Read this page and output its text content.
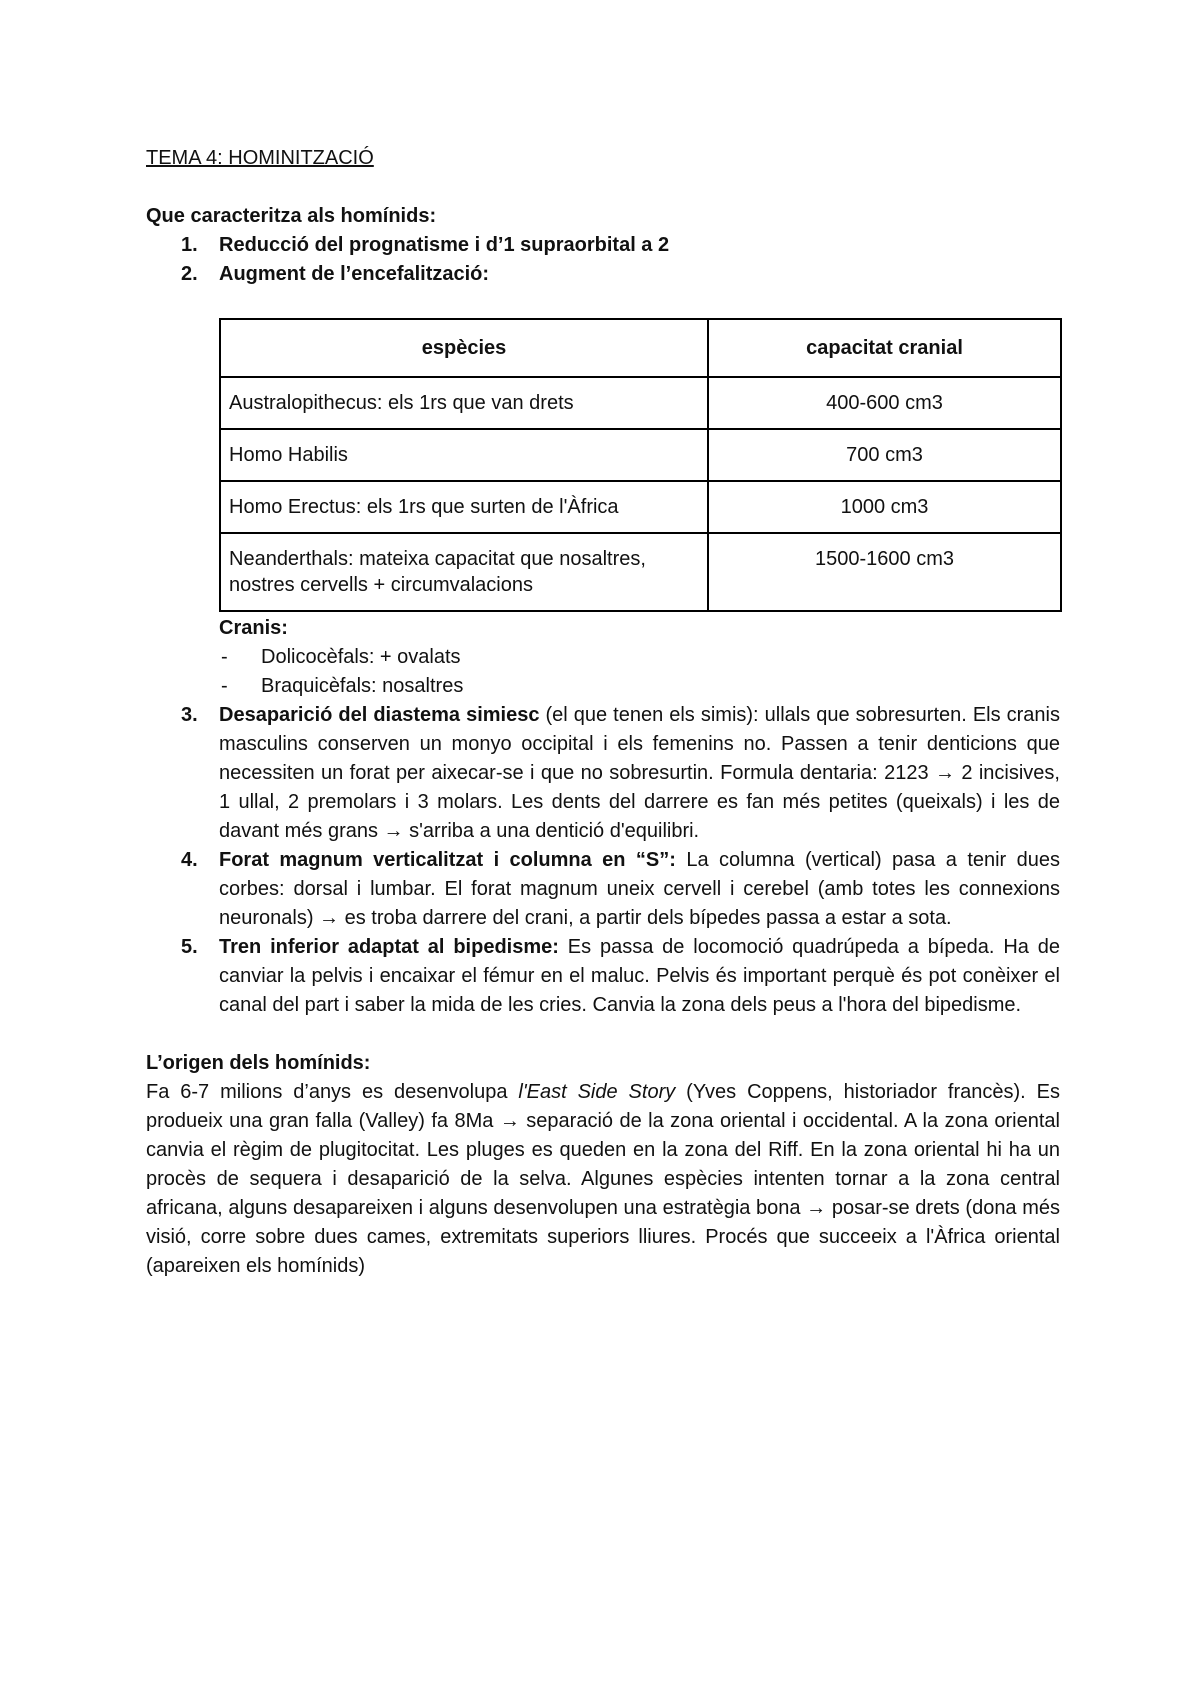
TEMA 4: HOMINITZACIÓ

Que caracteritza als homínids:

1. Reducció del prognatisme i d’1 supraorbital a 2
2. Augment de l’encefalització:
espècies	capacitat cranial
Australopithecus: els 1rs que van drets	400-600 cm3
Homo Habilis	700 cm3
Homo Erectus: els 1rs que surten de l'Àfrica	1000 cm3
Neanderthals: mateixa capacitat que nosaltres, nostres cervells + circumvalacions	1500-1600 cm3

Cranis:

- Dolicocèfals: + ovalats
- Braquicèfals: nosaltres
3. Desaparició del diastema simiesc (el que tenen els simis): ullals que sobresurten. Els cranis masculins conserven un monyo occipital i els femenins no. Passen a tenir denticions que necessiten un forat per aixecar-se i que no sobresurtin. Formula dentaria: 2123 → 2 incisives, 1 ullal, 2 premolars i 3 molars. Les dents del darrere es fan més petites (queixals) i les de davant més grans → s'arriba a una dentició d'equilibri.
4. Forat magnum verticalitzat i columna en “S”: La columna (vertical) pasa a tenir dues corbes: dorsal i lumbar. El forat magnum uneix cervell i cerebel (amb totes les connexions neuronals) → es troba darrere del crani, a partir dels bípedes passa a estar a sota.
5. Tren inferior adaptat al bipedisme: Es passa de locomoció quadrúpeda a bípeda. Ha de canviar la pelvis i encaixar el fémur en el maluc. Pelvis és important perquè és pot conèixer el canal del part i saber la mida de les cries. Canvia la zona dels peus a l'hora del bipedisme.

L’origen dels homínids:

Fa 6-7 milions d’anys es desenvolupa l'East Side Story (Yves Coppens, historiador francès). Es produeix una gran falla (Valley) fa 8Ma → separació de la zona oriental i occidental. A la zona oriental canvia el règim de plugitocitat. Les pluges es queden en la zona del Riff. En la zona oriental hi ha un procès de sequera i desaparició de la selva. Algunes espècies intenten tornar a la zona central africana, alguns desapareixen i alguns desenvolupen una estratègia bona → posar-se drets (dona més visió, corre sobre dues cames, extremitats superiors lliures. Procés que succeeix a l'Àfrica oriental (apareixen els homínids)
